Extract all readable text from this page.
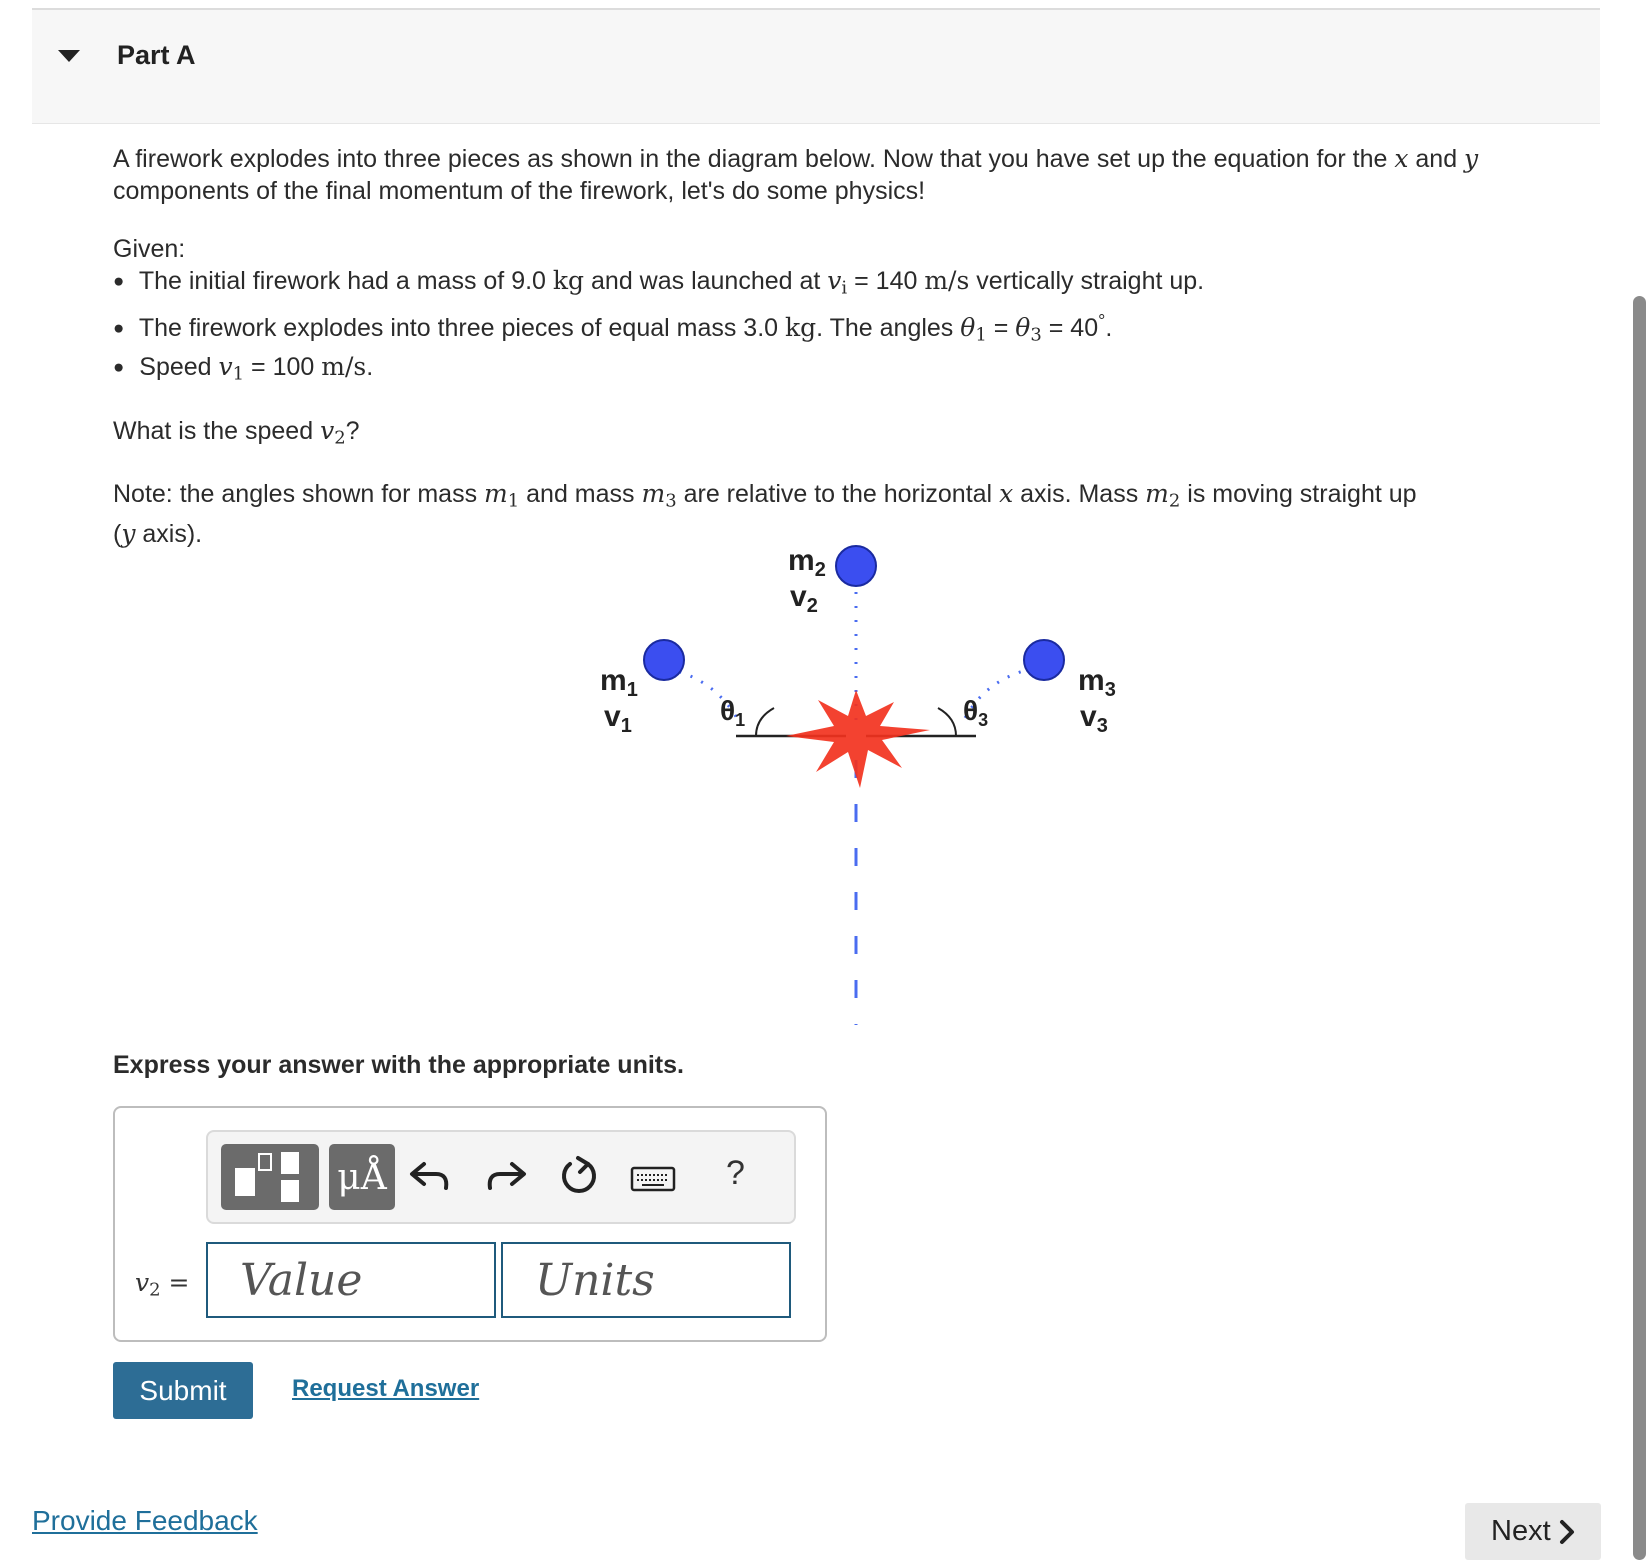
Part A

A firework explodes into three pieces as shown in the diagram below. Now that you have set up the equation for the x and y
components of the final momentum of the firework, let's do some physics!

Given:

● The initial firework had a mass of 9.0 kg and was launched at $v_i = 140$ m/s vertically straight up.

● The firework explodes into three pieces of equal mass 3.0 kg. The angles $\theta_1 = \theta_3 = 40^\circ$.

● Speed $v_1 = 100$ m/s.

What is the speed $v_2$?

Note: the angles shown for mass $m_1$ and mass $m_3$ are relative to the horizontal x axis. Mass $m_2$ is moving straight up
(y axis).

$m_2$
$v_2$
$m_1$
$v_1$
$m_3$
$v_3$
$\theta_1$	$\theta_3$
Express your answer with the appropriate units.
μÅ	?
$v_2$ =
Value
Units
Submit	Request Answer
Provide Feedback	Next
